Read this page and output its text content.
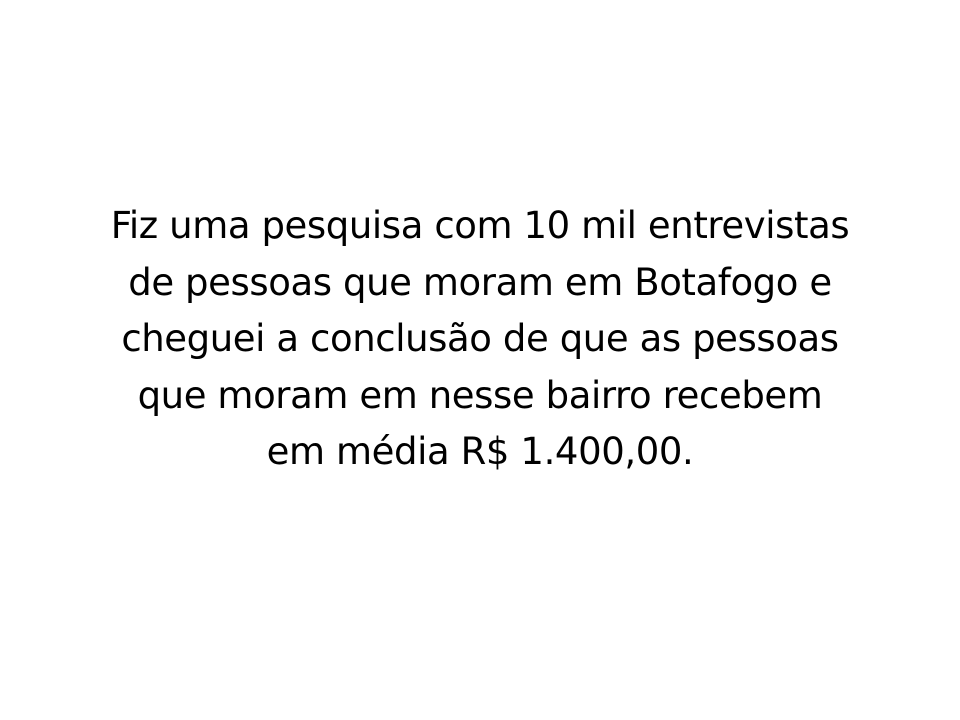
Fiz uma pesquisa com 10 mil entrevistas
de pessoas que moram em Botafogo e
cheguei a conclusão de que as pessoas
que moram em nesse bairro recebem
em média R$ 1.400,00.
